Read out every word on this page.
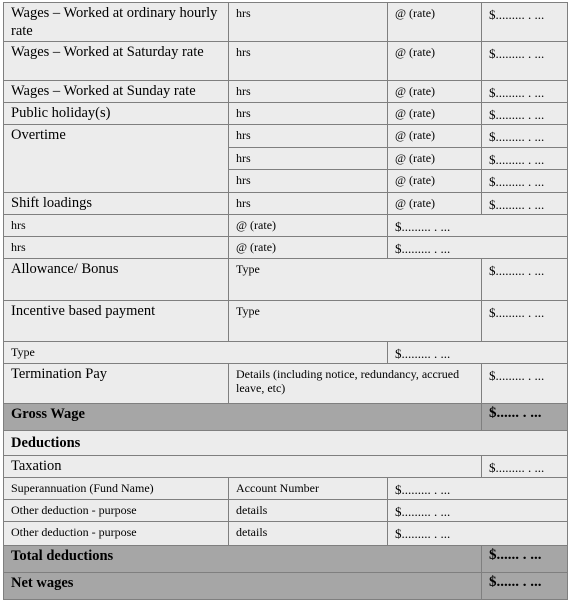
Wages – Worked at ordinary hourly rate	hrs	@ (rate)	$......... . ...
Wages – Worked at Saturday rate	hrs	@ (rate)	$......... . ...
Wages – Worked at Sunday rate	hrs	@ (rate)	$......... . ...
Public holiday(s)	hrs	@ (rate)	$......... . ...
Overtime	hrs	@ (rate)	$......... . ...
	hrs	@ (rate)	$......... . ...
	hrs	@ (rate)	$......... . ...
Shift loadings	hrs	@ (rate)	$......... . ...
hrs	@ (rate)	$......... . ...	
hrs	@ (rate)	$......... . ...	
Allowance/ Bonus	Type		$......... . ...
Incentive based payment	Type		$......... . ...
Type		$......... . ...	
Termination Pay	Details (including notice, redundancy, accrued leave, etc)		$......... . ...
Gross Wage			$...... . ...
Deductions			
Taxation			$......... . ...
Superannuation (Fund Name)	Account Number	$......... . ...	
Other deduction - purpose	details	$......... . ...	
Other deduction - purpose	details	$......... . ...	
Total deductions			$...... . ...
Net wages			$...... . ...
